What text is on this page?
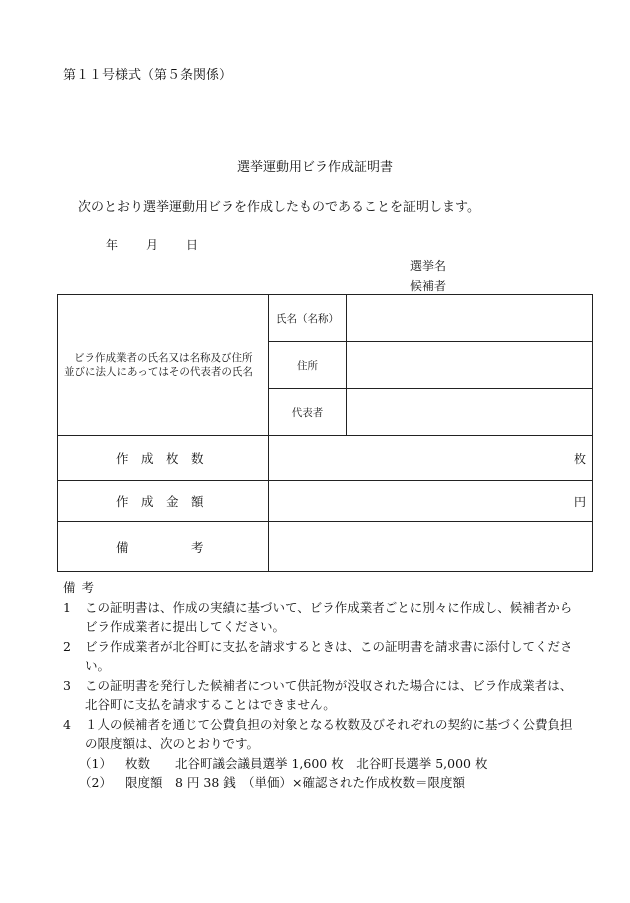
第１１号様式（第５条関係）
選挙運動用ビラ作成証明書
次のとおり選挙運動用ビラを作成したものであることを証明します。
年	月	日
選挙名
候補者
ビラ作成業者の氏名又は名称及び住所並びに法人にあってはその代表者の氏名	氏名（名称）	
	住所	
	代表者	
作　成　枚　数	枚	
作　成　金　額	円	
備　　　　　考		
備考
1	この証明書は、作成の実績に基づいて、ビラ作成業者ごとに別々に作成し、候補者からビラ作成業者に提出してください。
2	ビラ作成業者が北谷町に支払を請求するときは、この証明書を請求書に添付してください。
3	この証明書を発行した候補者について供託物が没収された場合には、ビラ作成業者は、北谷町に支払を請求することはできません。
4	１人の候補者を通じて公費負担の対象となる枚数及びそれぞれの契約に基づく公費負担の限度額は、次のとおりです。
（1）	枚数　　北谷町議会議員選挙 1,600 枚　北谷町長選挙 5,000 枚
（2）	限度額　8 円 38 銭　（単価）×確認された作成枚数＝限度額
